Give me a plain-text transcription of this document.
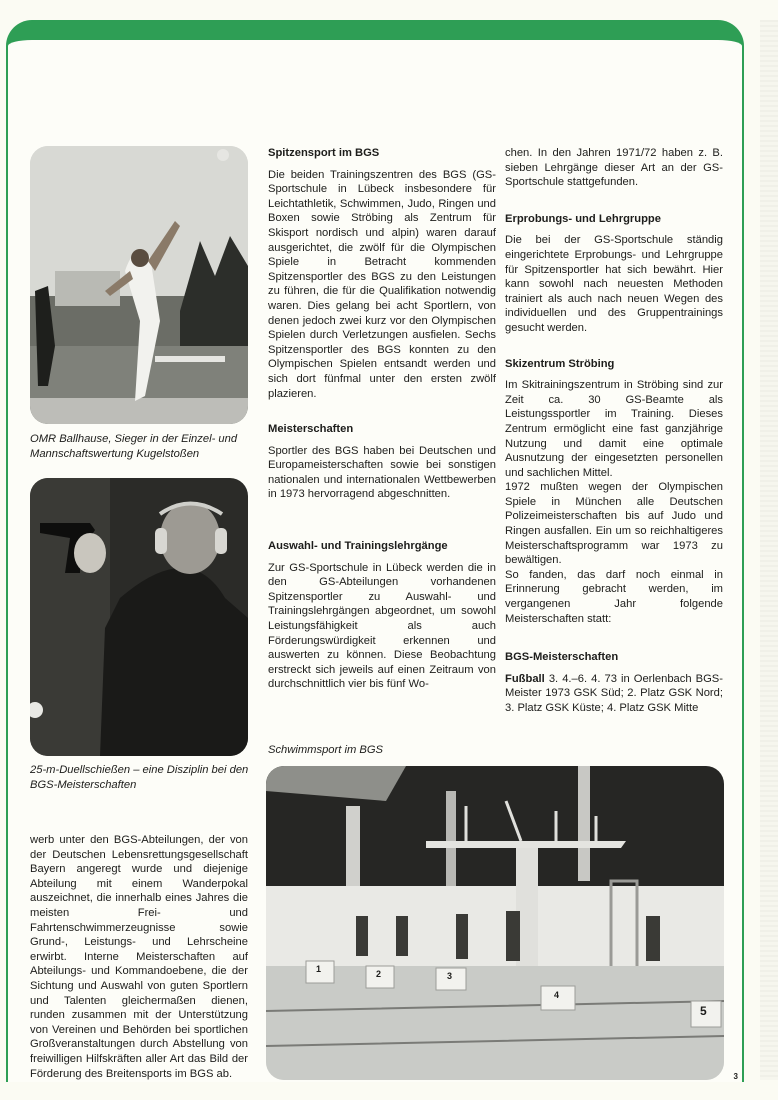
OMR Ballhause, Sieger in der Einzel- und Mannschaftswertung Kugelstoßen
25-m-Duellschießen – eine Disziplin bei den BGS-Meisterschaften
Spitzensport im BGS

Die beiden Trainingszentren des BGS (GS-Sportschule in Lübeck insbesondere für Leichtathletik, Schwimmen, Judo, Ringen und Boxen sowie Ströbing als Zentrum für Skisport nordisch und alpin) waren darauf ausgerichtet, die zwölf für die Olympischen Spiele in Betracht kommenden Spitzensportler des BGS zu den Leistungen zu führen, die für die Qualifikation notwendig waren. Dies gelang bei acht Sportlern, von denen jedoch zwei kurz vor den Olympischen Spielen durch Verletzungen ausfielen. Sechs Spitzensportler des BGS konnten zu den Olympischen Spielen entsandt werden und sich dort fünfmal unter den ersten zwölf plazieren.

Meisterschaften

Sportler des BGS haben bei Deutschen und Europameisterschaften sowie bei sonstigen nationalen und internationalen Wettbewerben in 1973 hervorragend abgeschnitten.

Auswahl- und Trainingslehrgänge

Zur GS-Sportschule in Lübeck werden die in den GS-Abteilungen vorhandenen Spitzensportler zu Auswahl- und Trainingslehrgängen abgeordnet, um sowohl Leistungsfähigkeit als auch Förderungswürdigkeit erkennen und auswerten zu können. Diese Beobachtung erstreckt sich jeweils auf einen Zeitraum von durchschnittlich vier bis fünf Wo-

chen. In den Jahren 1971/72 haben z. B. sieben Lehrgänge dieser Art an der GS-Sportschule stattgefunden.

Erprobungs- und Lehrgruppe

Die bei der GS-Sportschule ständig eingerichtete Erprobungs- und Lehrgruppe für Spitzensportler hat sich bewährt. Hier kann sowohl nach neuesten Methoden trainiert als auch nach neuen Wegen des individuellen und des Gruppentrainings gesucht werden.

Skizentrum Ströbing

Im Skitrainingszentrum in Ströbing sind zur Zeit ca. 30 GS-Beamte als Leistungssportler im Training. Dieses Zentrum ermöglicht eine fast ganzjährige Nutzung und damit eine optimale Ausnutzung der eingesetzten personellen und sachlichen Mittel.

1972 mußten wegen der Olympischen Spiele in München alle Deutschen Polizeimeisterschaften bis auf Judo und Ringen ausfallen. Ein um so reichhaltigeres Meisterschaftsprogramm war 1973 zu bewältigen.

So fanden, das darf noch einmal in Erinnerung gebracht werden, im vergangenen Jahr folgende Meisterschaften statt:

BGS-Meisterschaften

Fußball 3. 4.–6. 4. 73 in Oerlenbach BGS-Meister 1973 GSK Süd; 2. Platz GSK Nord; 3. Platz GSK Küste; 4. Platz GSK Mitte

Schwimmsport im BGS
1	2	3
4
5

werb unter den BGS-Abteilungen, der von der Deutschen Lebensrettungsgesellschaft Bayern angeregt wurde und diejenige Abteilung mit einem Wanderpokal auszeichnet, die innerhalb eines Jahres die meisten Frei- und Fahrtenschwimmerzeugnisse sowie Grund-, Leistungs- und Lehrscheine erwirbt. Interne Meisterschaften auf Abteilungs- und Kommandoebene, die der Sichtung und Auswahl von guten Sportlern und Talenten gleichermaßen dienen, runden zusammen mit der Unterstützung von Vereinen und Behörden bei sportlichen Großveranstaltungen durch Abstellung von freiwilligen Hilfskräften aller Art das Bild der Förderung des Breitensports im BGS ab.	3
